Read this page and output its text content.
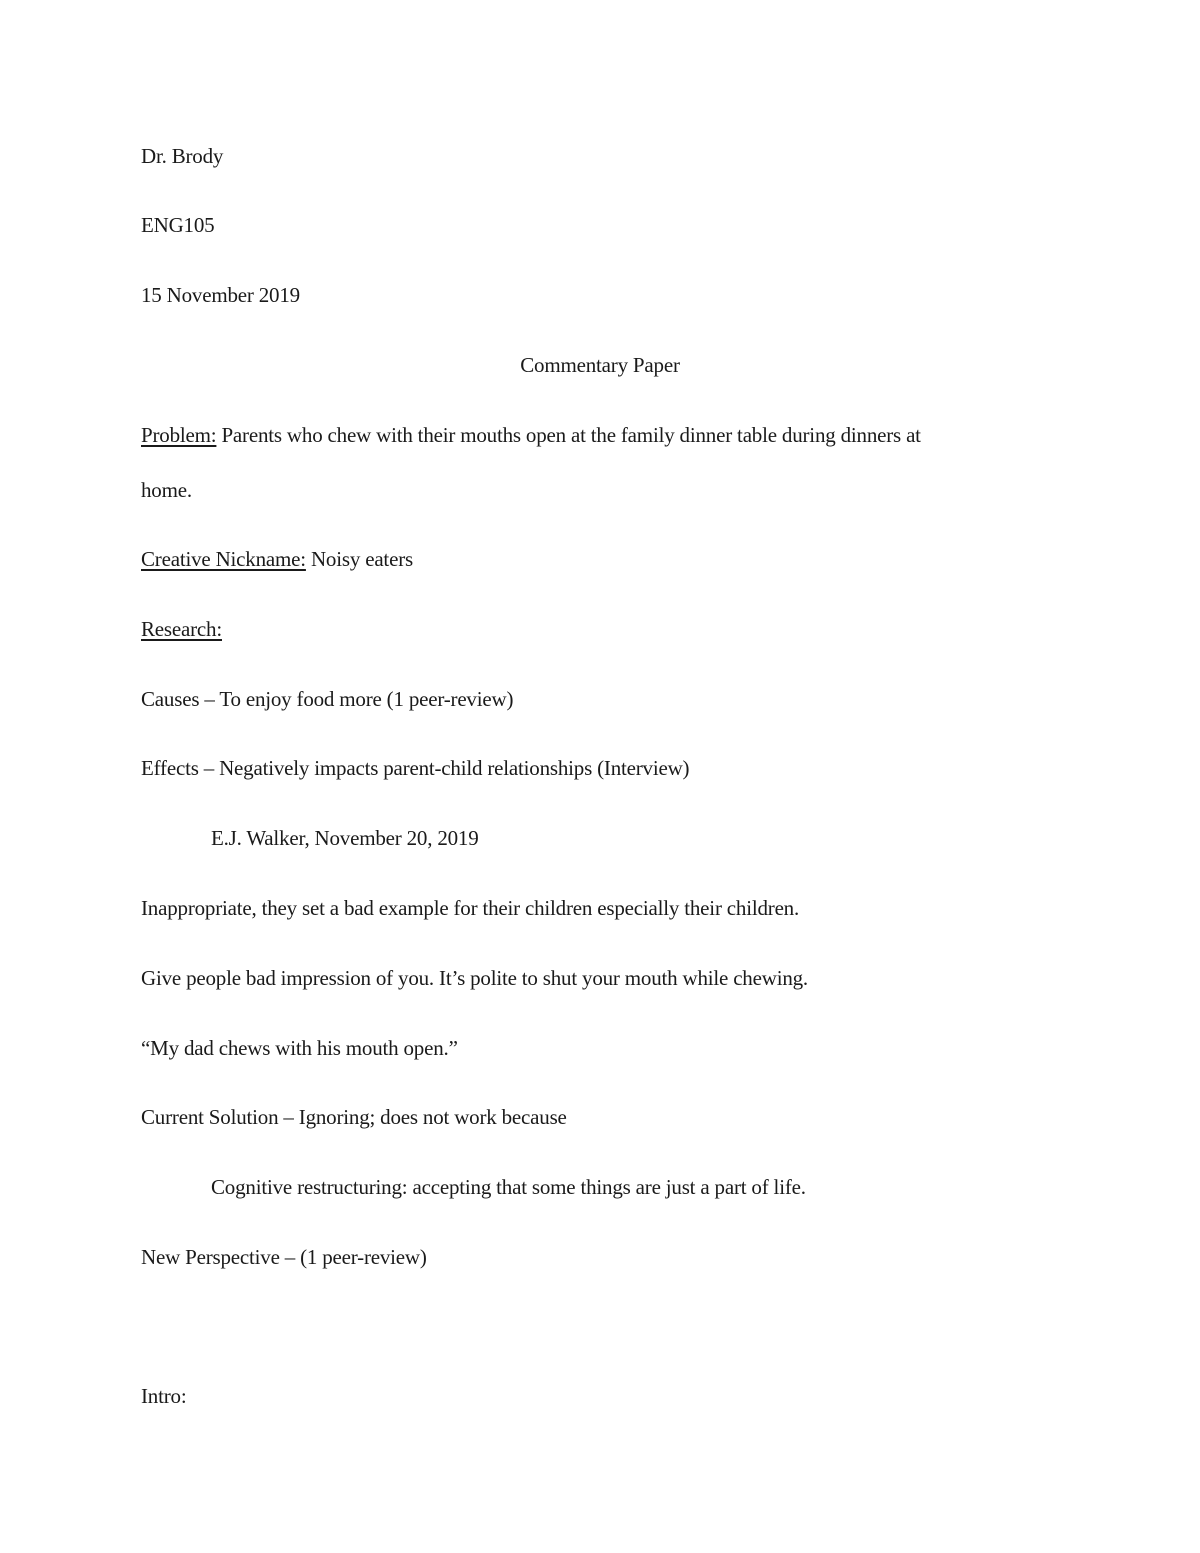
Dr. Brody
ENG105
15 November 2019
Commentary Paper
Problem: Parents who chew with their mouths open at the family dinner table during dinners at
home.
Creative Nickname: Noisy eaters
Research:
Causes – To enjoy food more (1 peer-review)
Effects – Negatively impacts parent-child relationships (Interview)
E.J. Walker, November 20, 2019
Inappropriate, they set a bad example for their children especially their children.
Give people bad impression of you. It’s polite to shut your mouth while chewing.
“My dad chews with his mouth open.”
Current Solution – Ignoring; does not work because
Cognitive restructuring: accepting that some things are just a part of life.
New Perspective – (1 peer-review)
Intro:
